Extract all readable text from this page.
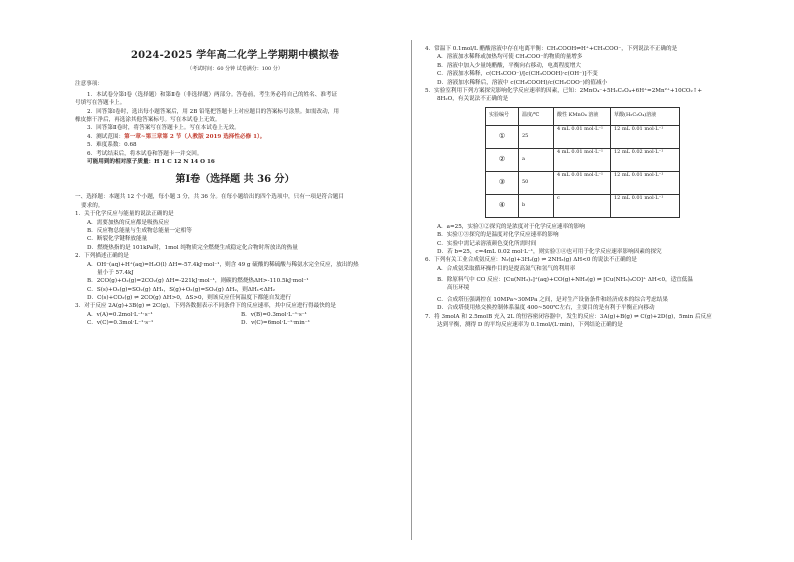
2024-2025 学年高二化学上学期期中模拟卷
（考试时间：60 分钟 试卷满分：100 分）

注意事项：

1．本试卷分第Ⅰ卷（选择题）和第Ⅱ卷（非选择题）两部分。答卷前，考生务必将自己的姓名、准考证

号填写在答题卡上。

2．回答第Ⅰ卷时，选出每小题答案后，用 2B 铅笔把答题卡上对应题目的答案标号涂黑。如需改动，用

橡皮擦干净后，再选涂其他答案标号。写在本试卷上无效。

3．回答第Ⅱ卷时，将答案写在答题卡上。写在本试卷上无效。

4．测试范围：第一章~第三章第 2 节（人教版 2019 选择性必修 1）。

5．难度系数：0.68

6．考试结束后，将本试卷和答题卡一并交回。

可能用到的相对原子质量：H 1 C 12 N 14 O 16

第Ⅰ卷（选择题 共 36 分）

一、选择题：本题共 12 个小题，每小题 3 分，共 36 分。在每小题给出的四个选项中，只有一项是符合题目

要求的。

1．关于化学反应与能量的说法正确的是

A．需要加热的反应都是吸热反应

B．反应物总能量与生成物总能量一定相等

C．断裂化学键释放能量

D．燃烧热指的是 101kPa时，1mol 纯物质完全燃烧生成稳定化合物时所放出的热量

2．下列描述正确的是

A．OH⁻(aq)+H⁺(aq)=H₂O(l) ΔH=-57.4kJ·mol⁻¹，则含 49 g 硫酸的稀硫酸与稀氨水完全反应，放出的热

量小于 57.4kJ

B．2CO(g)+O₂(g)=2CO₂(g) ΔH=-221kJ·mol⁻¹，则碳的燃烧热ΔH>-110.5kJ·mol⁻¹

C．S(s)+O₂(g)=SO₂(g) ΔH₁，S(g)+O₂(g)=SO₂(g) ΔH₂，则ΔH₁<ΔH₂

D．C(s)+CO₂(g) ⇌ 2CO(g) ΔH>0，ΔS>0，则该反应任何温度下都能自发进行

3．对于反应 2A(g)+3B(g) ⇌ 2C(g)，下列各数据表示不同条件下的反应速率，其中反应进行得最快的是

A．v(A)=0.2mol·L⁻¹·s⁻¹	B．v(B)=0.3mol·L⁻¹·s⁻¹
C．v(C)=0.3mol·L⁻¹·s⁻¹	D．v(C)=6mol·L⁻¹·min⁻¹

4．常温下 0.1mol/L 醋酸溶液中存在电离平衡：CH₃COOH⇌H⁺+CH₃COO⁻，下列说法不正确的是

A．溶液加水稀释或加热均可使 CH₃COO⁻的物质的量增多

B．溶液中加入少量纯醋酸，平衡向右移动，电离程度增大

C．溶液加水稀释，c(CH₃COO⁻)/[c(CH₃COOH)·c(OH⁻)]不变

D．溶液加水稀释后，溶液中 c(CH₃COOH)/c(CH₃COO⁻)的值减小

5．实验室利用下列方案探究影响化学反应速率的因素，已知：2MnO₄⁻+5H₂C₂O₄+6H⁺=2Mn²⁺+10CO₂↑+

8H₂O，有关说法不正确的是

实验编号	温度/℃	酸性 KMnO₄ 溶液	草酸(H₂C₂O₄)溶液
①	25	4 mL 0.01 mol·L⁻¹	12 mL 0.01 mol·L⁻¹
②	a	4 mL 0.01 mol·L⁻¹	12 mL 0.02 mol·L⁻¹
③	50	4 mL 0.01 mol·L⁻¹	12 mL 0.01 mol·L⁻¹
④	b	c	12 mL 0.01 mol·L⁻¹

A．a=25，实验①②探究的是浓度对于化学反应速率的影响

B．实验①③探究的是温度对化学反应速率的影响

C．实验中需记录溶液颜色变化所需时间

D．若 b=25，c=4mL 0.02 mol·L⁻¹，则实验①④也可用于化学反应速率影响因素的探究

6．下列有关工业合成氨反应：N₂(g)+3H₂(g) ⇌ 2NH₃(g) ΔH<0 的说法不正确的是

A．合成氨采取循环操作目的是提高氮气和氢气的利用率

B．除原料气中 CO 反应：[Cu(NH₃)₂]⁺(aq)+CO(g)+NH₃(g) ⇌ [Cu(NH₃)₃CO]⁺ ΔH<0，适宜低温

高压环境

C．合成塔压强调控在 10MPa~30MPa 之间，是对生产设备条件和经济成本的综合考虑结果

D．合成塔使用热交换控制体系温度 400~500℃左右，主要目的是有利于平衡正向移动

7．将 3molA 和 2.5molB 充入 2L 的恒容密闭容器中，发生的反应：3A(g)+B(g) ⇌ C(g)+2D(g)，5min 后反应

达到平衡，测得 D 的平均反应速率为 0.1mol/(L·min)，下列结论正确的是
